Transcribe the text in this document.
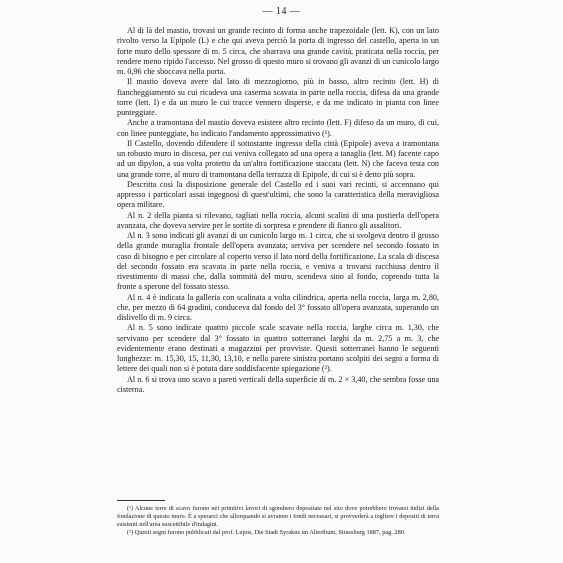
— 14 —

Al di là del mastio, trovasi un grande recinto di forma anche trapezoidale (lett. K), con un lato rivolto verso la Epipole (L) e che qui aveva perciò la porta di ingresso del castello, aperta in un forte muro dello spessore di m. 5 circa, che sbarrava una grande cavità, praticata nella roccia, per rendere meno ripido l'accesso. Nel grosso di questo muro si trovano gli avanzi di un cunicolo largo m. 0,96 che sboccava nella porta.

Il mastio doveva avere dal lato di mezzogiorno, più in basso, altro recinto (lett. H) di fiancheggiamento su cui ricadeva una caserma scavata in parte nella roccia, difesa da una grande torre (lett. I) e da un muro le cui tracce vennero disperse, e da me indicato in pianta con linee punteggiate.

Anche a tramontana del mastio doveva esistere altro recinto (lett. F) difeso da un muro, di cui, con linee punteggiate, ho indicato l'andamento approssimativo (¹).

Il Castello, dovendo difendere il sottostante ingresso della città (Epipole) aveva a tramontana un robusto muro in discesa, per cui veniva collegato ad una opera a tanaglia (lett. M) facente capo ad un dipylon, a sua volta protetto da un'altra fortificazione staccata (lett. N) che faceva testa con una grande torre, al muro di tramontana della terrazza di Epipole, di cui si è detto più sopra.

Descritta così la disposizione generale del Castello ed i suoi vari recinti, si accennano qui appresso i particolari assai ingegnosi di quest'ultimi, che sono la caratteristica della meravigliosa opera militare.

Al n. 2 della pianta si rilevano, tagliati nella roccia, alcuni scalini di una postierla dell'opera avanzata, che doveva servire per le sortite di sorpresa e prendere di fianco gli assalitori.

Al n. 3 sono indicati gli avanzi di un cunicolo largo m. 1 circa, che si svolgeva dentro il grosso della grande muraglia frontale dell'opera avanzata; serviva per scendere nel secondo fossato in caso di bisogno e per circolare al coperto verso il lato nord della fortificazione. La scala di discesa del secondo fossato era scavata in parte nella roccia, e veniva a trovarsi racchiusa dentro il rivestimento di massi che, dalla sommità del muro, scendeva sino al fondo, coprendo tutta la fronte a sperone del fossato stesso.

Al n. 4 è indicata la galleria con scalinata a volta cilindrica, aperta nella roccia, larga m. 2,80, che, per mezzo di 64 gradini, conduceva dal fondo del 3° fossato all'opera avanzata, superando un dislivello di m. 9 circa.

Al n. 5 sono indicate quattro piccole scale scavate nella roccia, larghe circa m. 1,30, che servivano per scendere dal 3° fossato in quattro sotterranei larghi da m. 2,75 a m. 3, che evidentemente erano destinati a magazzini per provviste. Questi sotterranei hanno le seguenti lunghezze: m. 15,30, 15, 11,30, 13,10, e nella parete sinistra portano scolpiti dei segni a forma di lettere dei quali non si è potuta dare soddisfacente spiegazione (²).

Al n. 6 si trova uno scavo a pareti verticali della superficie di m. 2 × 3,40, che sembra fosse una cisterna.

(¹) Alcune terre di scavo furono nei primitivi lavori di sgombero depositate nel sito dove potrebbero trovarsi indizi della fondazione di questo muro. È a sperarci che allorquando si avranno i fondi necessari, si provvederà a togliere i depositi di terra esistenti nell'area suscettibile d'indagini.

(²) Questi segni furono pubblicati dal prof. Lupus, Die Stadt Syrakus im Alterthum, Strassburg 1887, pag. 280.
